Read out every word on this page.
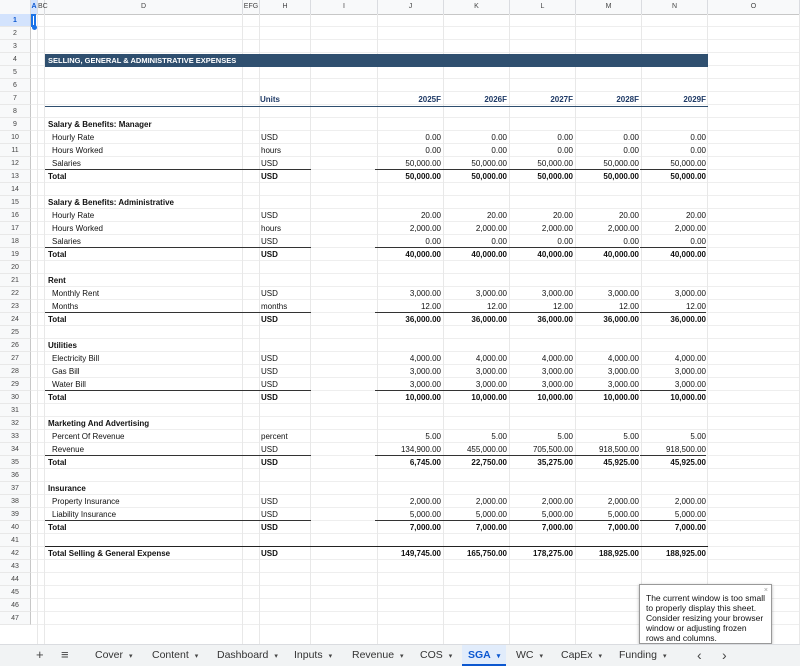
A BC	D	EFG	H	I	J	K	L	M	N	O
1
2
3
4
5
6
7
8
9
10
11
12
13
14
15
16
17
18
19
20
21
22
23
24
25
26
27
28
29
30
31
32
33
34
35
36
37
38
39
40
41
42
43
44
45
46
47
SELLING, GENERAL & ADMINISTRATIVE EXPENSES
Units	2025F	2026F	2027F	2028F	2029F
Salary & Benefits: Manager
Hourly Rate	USD	0.00	0.00	0.00	0.00	0.00
Hours Worked	hours	0.00	0.00	0.00	0.00	0.00
Salaries	USD	50,000.00	50,000.00	50,000.00	50,000.00	50,000.00
Total	USD	50,000.00	50,000.00	50,000.00	50,000.00	50,000.00
Salary & Benefits: Administrative
Hourly Rate	USD	20.00	20.00	20.00	20.00	20.00
Hours Worked	hours	2,000.00	2,000.00	2,000.00	2,000.00	2,000.00
Salaries	USD	0.00	0.00	0.00	0.00	0.00
Total	USD	40,000.00	40,000.00	40,000.00	40,000.00	40,000.00
Rent
Monthly Rent	USD	3,000.00	3,000.00	3,000.00	3,000.00	3,000.00
Months	months	12.00	12.00	12.00	12.00	12.00
Total	USD	36,000.00	36,000.00	36,000.00	36,000.00	36,000.00
Utilities
Electricity Bill	USD	4,000.00	4,000.00	4,000.00	4,000.00	4,000.00
Gas Bill	USD	3,000.00	3,000.00	3,000.00	3,000.00	3,000.00
Water Bill	USD	3,000.00	3,000.00	3,000.00	3,000.00	3,000.00
Total	USD	10,000.00	10,000.00	10,000.00	10,000.00	10,000.00
Marketing And Advertising
Percent Of Revenue	percent	5.00	5.00	5.00	5.00	5.00
Revenue	USD	134,900.00	455,000.00	705,500.00	918,500.00	918,500.00
Total	USD	6,745.00	22,750.00	35,275.00	45,925.00	45,925.00
Insurance
Property Insurance	USD	2,000.00	2,000.00	2,000.00	2,000.00	2,000.00
Liability Insurance	USD	5,000.00	5,000.00	5,000.00	5,000.00	5,000.00
Total	USD	7,000.00	7,000.00	7,000.00	7,000.00	7,000.00
Total Selling & General Expense	USD	149,745.00	165,750.00	178,275.00	188,925.00	188,925.00
×
The current window is too small to properly display this sheet. Consider resizing your browser window or adjusting frozen rows and columns.
+ ≡	Cover ▾	Content ▾	Dashboard ▾	Inputs ▾	Revenue ▾	COS ▾	SGA ▾	WC ▾	CapEx ▾	Funding ▾	‹ ›
